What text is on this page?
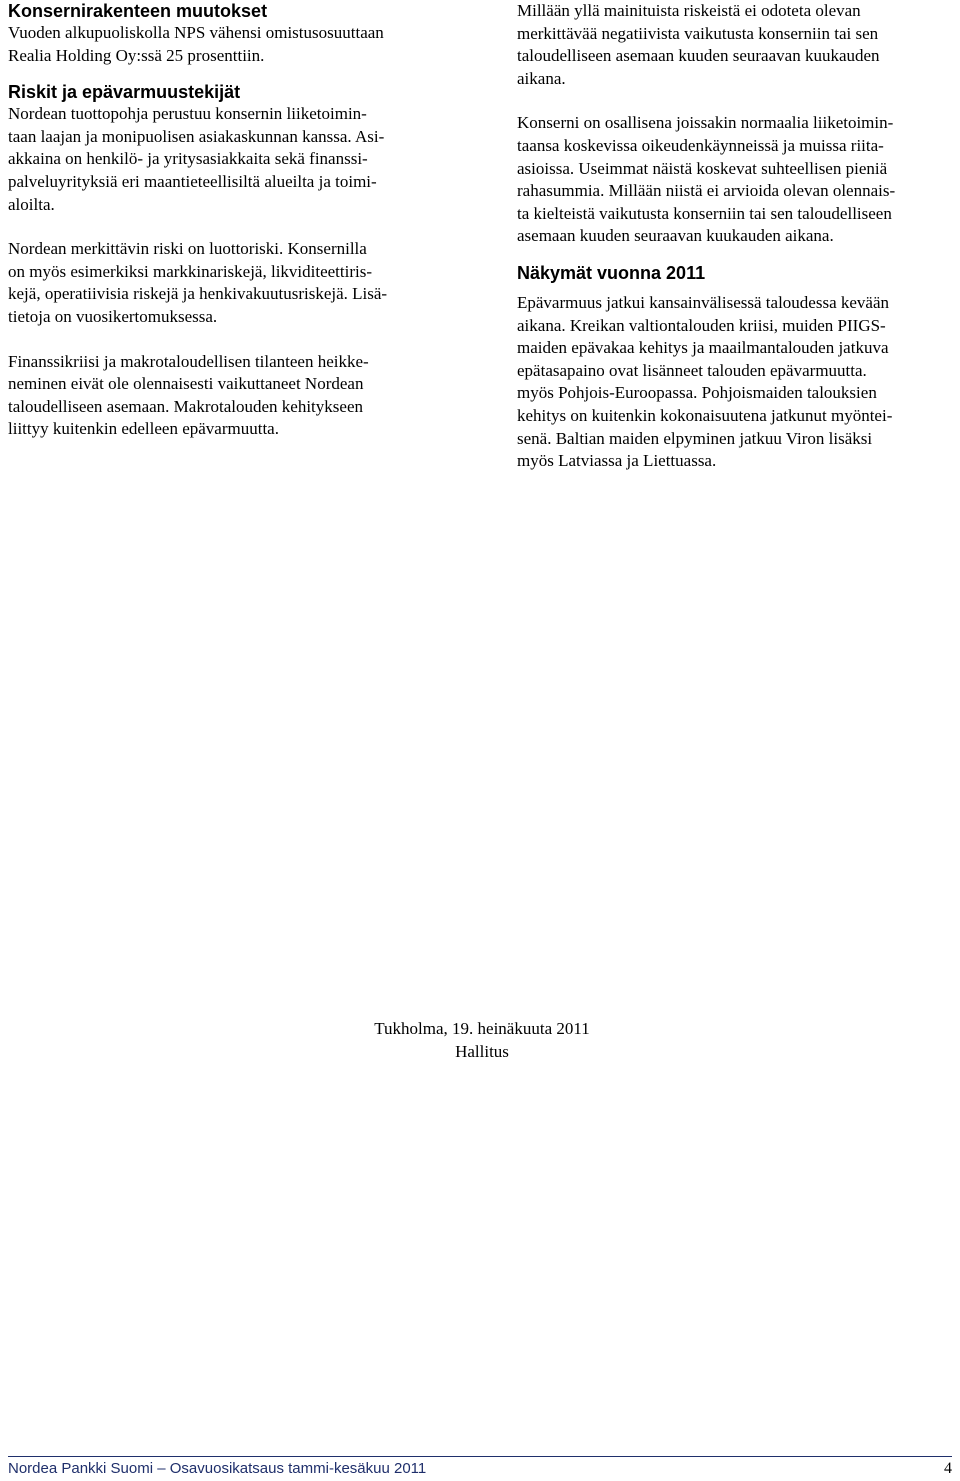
Konsernirakenteen muutokset

Vuoden alkupuoliskolla NPS vähensi omistusosuuttaan

Realia Holding Oy:ssä 25 prosenttiin.

Riskit ja epävarmuustekijät

Nordean tuottopohja perustuu konsernin liiketoimin-

taan laajan ja monipuolisen asiakaskunnan kanssa. Asi-

akkaina on henkilö- ja yritysasiakkaita sekä finanssi-

palveluyrityksiä eri maantieteellisiltä alueilta ja toimi-

aloilta.

Nordean merkittävin riski on luottoriski. Konsernilla

on myös esimerkiksi markkinariskejä, likviditeettiris-

kejä, operatiivisia riskejä ja henkivakuutusriskejä. Lisä-

tietoja on vuosikertomuksessa.

Finanssikriisi ja makrotaloudellisen tilanteen heikke-

neminen eivät ole olennaisesti vaikuttaneet Nordean

taloudelliseen asemaan. Makrotalouden kehitykseen

liittyy kuitenkin edelleen epävarmuutta.

Millään yllä mainituista riskeistä ei odoteta olevan

merkittävää negatiivista vaikutusta konserniin tai sen

taloudelliseen asemaan kuuden seuraavan kuukauden

aikana.

Konserni on osallisena joissakin normaalia liiketoimin-

taansa koskevissa oikeudenkäynneissä ja muissa riita-

asioissa. Useimmat näistä koskevat suhteellisen pieniä

rahasummia. Millään niistä ei arvioida olevan olennais-

ta kielteistä vaikutusta konserniin tai sen taloudelliseen

asemaan kuuden seuraavan kuukauden aikana.

Näkymät vuonna 2011

Epävarmuus jatkui kansainvälisessä taloudessa kevään

aikana. Kreikan valtiontalouden kriisi, muiden PIIGS-

maiden epävakaa kehitys ja maailmantalouden jatkuva

epätasapaino ovat lisänneet talouden epävarmuutta.

myös Pohjois-Euroopassa. Pohjoismaiden talouksien

kehitys on kuitenkin kokonaisuutena jatkunut myöntei-

senä. Baltian maiden elpyminen jatkuu Viron lisäksi

myös Latviassa ja Liettuassa.

Tukholma, 19. heinäkuuta 2011

Hallitus

Nordea Pankki Suomi – Osavuosikatsaus tammi-kesäkuu 2011	4
